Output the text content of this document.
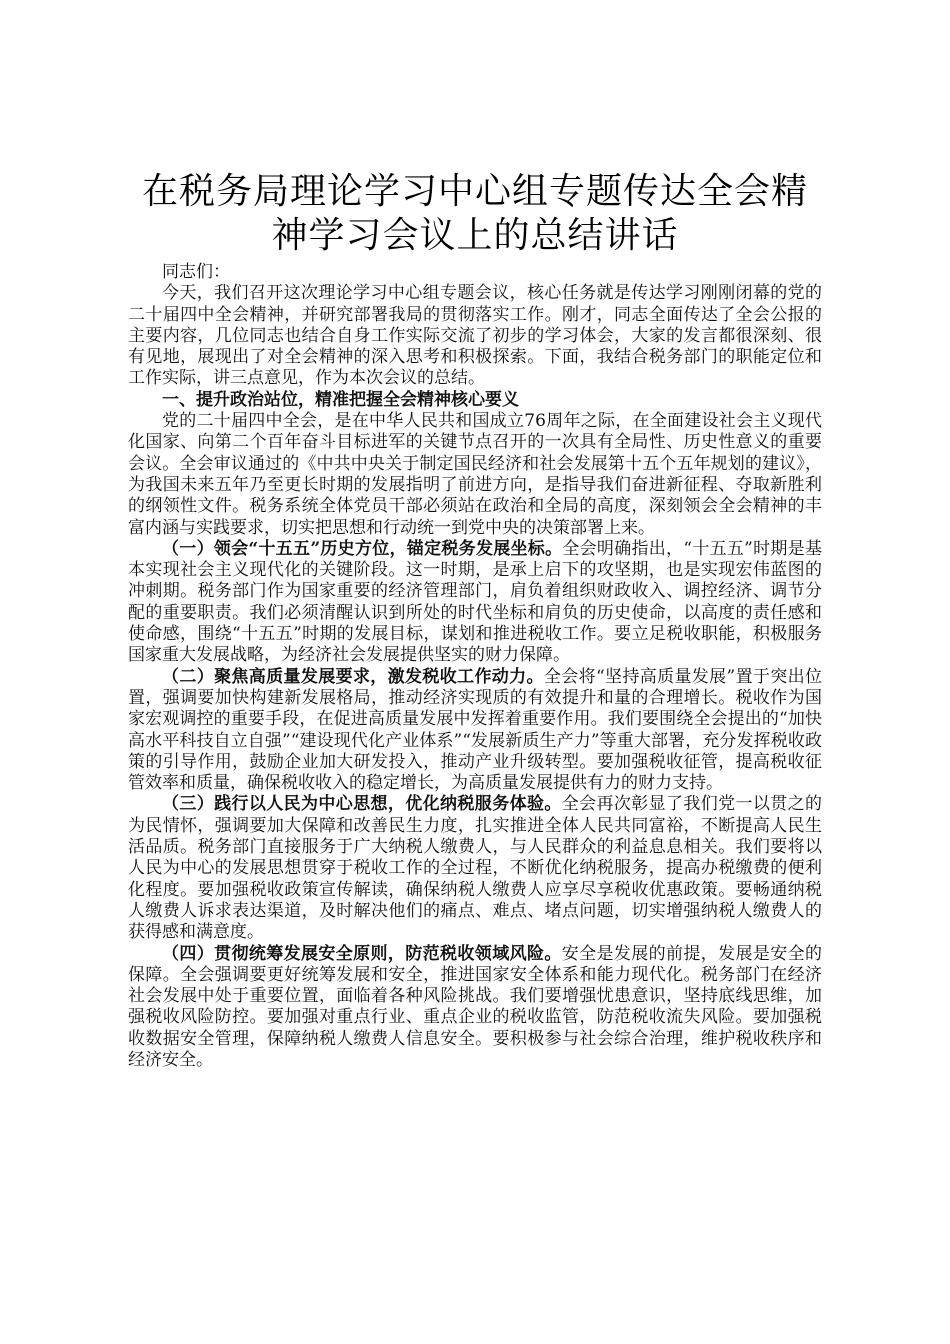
在税务局理论学习中心组专题传达全会精神学习会议上的总结讲话

同志们：

今天，我们召开这次理论学习中心组专题会议，核心任务就是传达学习刚刚闭幕的党的二十届四中全会精神，并研究部署我局的贯彻落实工作。刚才，同志全面传达了全会公报的主要内容，几位同志也结合自身工作实际交流了初步的学习体会，大家的发言都很深刻、很有见地，展现出了对全会精神的深入思考和积极探索。下面，我结合税务部门的职能定位和工作实际，讲三点意见，作为本次会议的总结。

一、提升政治站位，精准把握全会精神核心要义

党的二十届四中全会，是在中华人民共和国成立76周年之际，在全面建设社会主义现代化国家、向第二个百年奋斗目标进军的关键节点召开的一次具有全局性、历史性意义的重要会议。全会审议通过的《中共中央关于制定国民经济和社会发展第十五个五年规划的建议》，为我国未来五年乃至更长时期的发展指明了前进方向，是指导我们奋进新征程、夺取新胜利的纲领性文件。税务系统全体党员干部必须站在政治和全局的高度，深刻领会全会精神的丰富内涵与实践要求，切实把思想和行动统一到党中央的决策部署上来。

（一）领会“十五五”历史方位，锚定税务发展坐标。全会明确指出，“十五五”时期是基本实现社会主义现代化的关键阶段。这一时期，是承上启下的攻坚期，也是实现宏伟蓝图的冲刺期。税务部门作为国家重要的经济管理部门，肩负着组织财政收入、调控经济、调节分配的重要职责。我们必须清醒认识到所处的时代坐标和肩负的历史使命，以高度的责任感和使命感，围绕“十五五”时期的发展目标，谋划和推进税收工作。要立足税收职能，积极服务国家重大发展战略，为经济社会发展提供坚实的财力保障。

（二）聚焦高质量发展要求，激发税收工作动力。全会将“坚持高质量发展”置于突出位置，强调要加快构建新发展格局，推动经济实现质的有效提升和量的合理增长。税收作为国家宏观调控的重要手段，在促进高质量发展中发挥着重要作用。我们要围绕全会提出的“加快高水平科技自立自强”“建设现代化产业体系”“发展新质生产力”等重大部署，充分发挥税收政策的引导作用，鼓励企业加大研发投入，推动产业升级转型。要加强税收征管，提高税收征管效率和质量，确保税收收入的稳定增长，为高质量发展提供有力的财力支持。

（三）践行以人民为中心思想，优化纳税服务体验。全会再次彰显了我们党一以贯之的为民情怀，强调要加大保障和改善民生力度，扎实推进全体人民共同富裕，不断提高人民生活品质。税务部门直接服务于广大纳税人缴费人，与人民群众的利益息息相关。我们要将以人民为中心的发展思想贯穿于税收工作的全过程，不断优化纳税服务，提高办税缴费的便利化程度。要加强税收政策宣传解读，确保纳税人缴费人应享尽享税收优惠政策。要畅通纳税人缴费人诉求表达渠道，及时解决他们的痛点、难点、堵点问题，切实增强纳税人缴费人的获得感和满意度。

（四）贯彻统筹发展安全原则，防范税收领域风险。安全是发展的前提，发展是安全的保障。全会强调要更好统筹发展和安全，推进国家安全体系和能力现代化。税务部门在经济社会发展中处于重要位置，面临着各种风险挑战。我们要增强忧患意识，坚持底线思维，加强税收风险防控。要加强对重点行业、重点企业的税收监管，防范税收流失风险。要加强税收数据安全管理，保障纳税人缴费人信息安全。要积极参与社会综合治理，维护税收秩序和经济安全。
